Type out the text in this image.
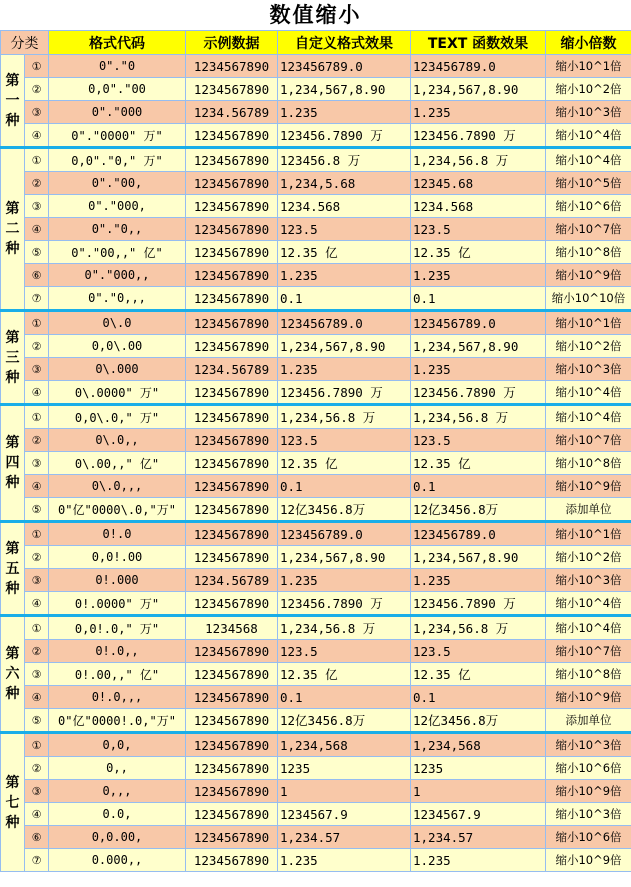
数值缩小
分类		格式代码	示例数据	自定义格式效果	TEXT 函数效果	缩小倍数
第
一
种	①	0"."0	1234567890	123456789.0	123456789.0	缩小10^1倍
	②	0,0"."00	1234567890	1,234,567,8.90	1,234,567,8.90	缩小10^2倍
	③	0"."000	1234.56789	1.235	1.235	缩小10^3倍
	④	0"."0000" 万"	1234567890	123456.7890 万	123456.7890 万	缩小10^4倍
第
二
种	①	0,0"."0," 万"	1234567890	123456.8 万	1,234,56.8 万	缩小10^4倍
	②	0"."00,	1234567890	1,234,5.68	12345.68	缩小10^5倍
	③	0"."000,	1234567890	1234.568	1234.568	缩小10^6倍
	④	0"."0,,	1234567890	123.5	123.5	缩小10^7倍
	⑤	0"."00,," 亿"	1234567890	12.35 亿	12.35 亿	缩小10^8倍
	⑥	0"."000,,	1234567890	1.235	1.235	缩小10^9倍
	⑦	0"."0,,,	1234567890	0.1	0.1	缩小10^10倍
第
三
种	①	0\.0	1234567890	123456789.0	123456789.0	缩小10^1倍
	②	0,0\.00	1234567890	1,234,567,8.90	1,234,567,8.90	缩小10^2倍
	③	0\.000	1234.56789	1.235	1.235	缩小10^3倍
	④	0\.0000" 万"	1234567890	123456.7890 万	123456.7890 万	缩小10^4倍
第
四
种	①	0,0\.0," 万"	1234567890	1,234,56.8 万	1,234,56.8 万	缩小10^4倍
	②	0\.0,,	1234567890	123.5	123.5	缩小10^7倍
	③	0\.00,," 亿"	1234567890	12.35 亿	12.35 亿	缩小10^8倍
	④	0\.0,,,	1234567890	0.1	0.1	缩小10^9倍
	⑤	0"亿"0000\.0,"万"	1234567890	12亿3456.8万	12亿3456.8万	添加单位
第
五
种	①	0!.0	1234567890	123456789.0	123456789.0	缩小10^1倍
	②	0,0!.00	1234567890	1,234,567,8.90	1,234,567,8.90	缩小10^2倍
	③	0!.000	1234.56789	1.235	1.235	缩小10^3倍
	④	0!.0000" 万"	1234567890	123456.7890 万	123456.7890 万	缩小10^4倍
第
六
种	①	0,0!.0," 万"	1234568	1,234,56.8 万	1,234,56.8 万	缩小10^4倍
	②	0!.0,,	1234567890	123.5	123.5	缩小10^7倍
	③	0!.00,," 亿"	1234567890	12.35 亿	12.35 亿	缩小10^8倍
	④	0!.0,,,	1234567890	0.1	0.1	缩小10^9倍
	⑤	0"亿"0000!.0,"万"	1234567890	12亿3456.8万	12亿3456.8万	添加单位
第
七
种	①	0,0,	1234567890	1,234,568	1,234,568	缩小10^3倍
	②	0,,	1234567890	1235	1235	缩小10^6倍
	③	0,,,	1234567890	1	1	缩小10^9倍
	④	0.0,	1234567890	1234567.9	1234567.9	缩小10^3倍
	⑥	0,0.00,	1234567890	1,234.57	1,234.57	缩小10^6倍
	⑦	0.000,,	1234567890	1.235	1.235	缩小10^9倍
